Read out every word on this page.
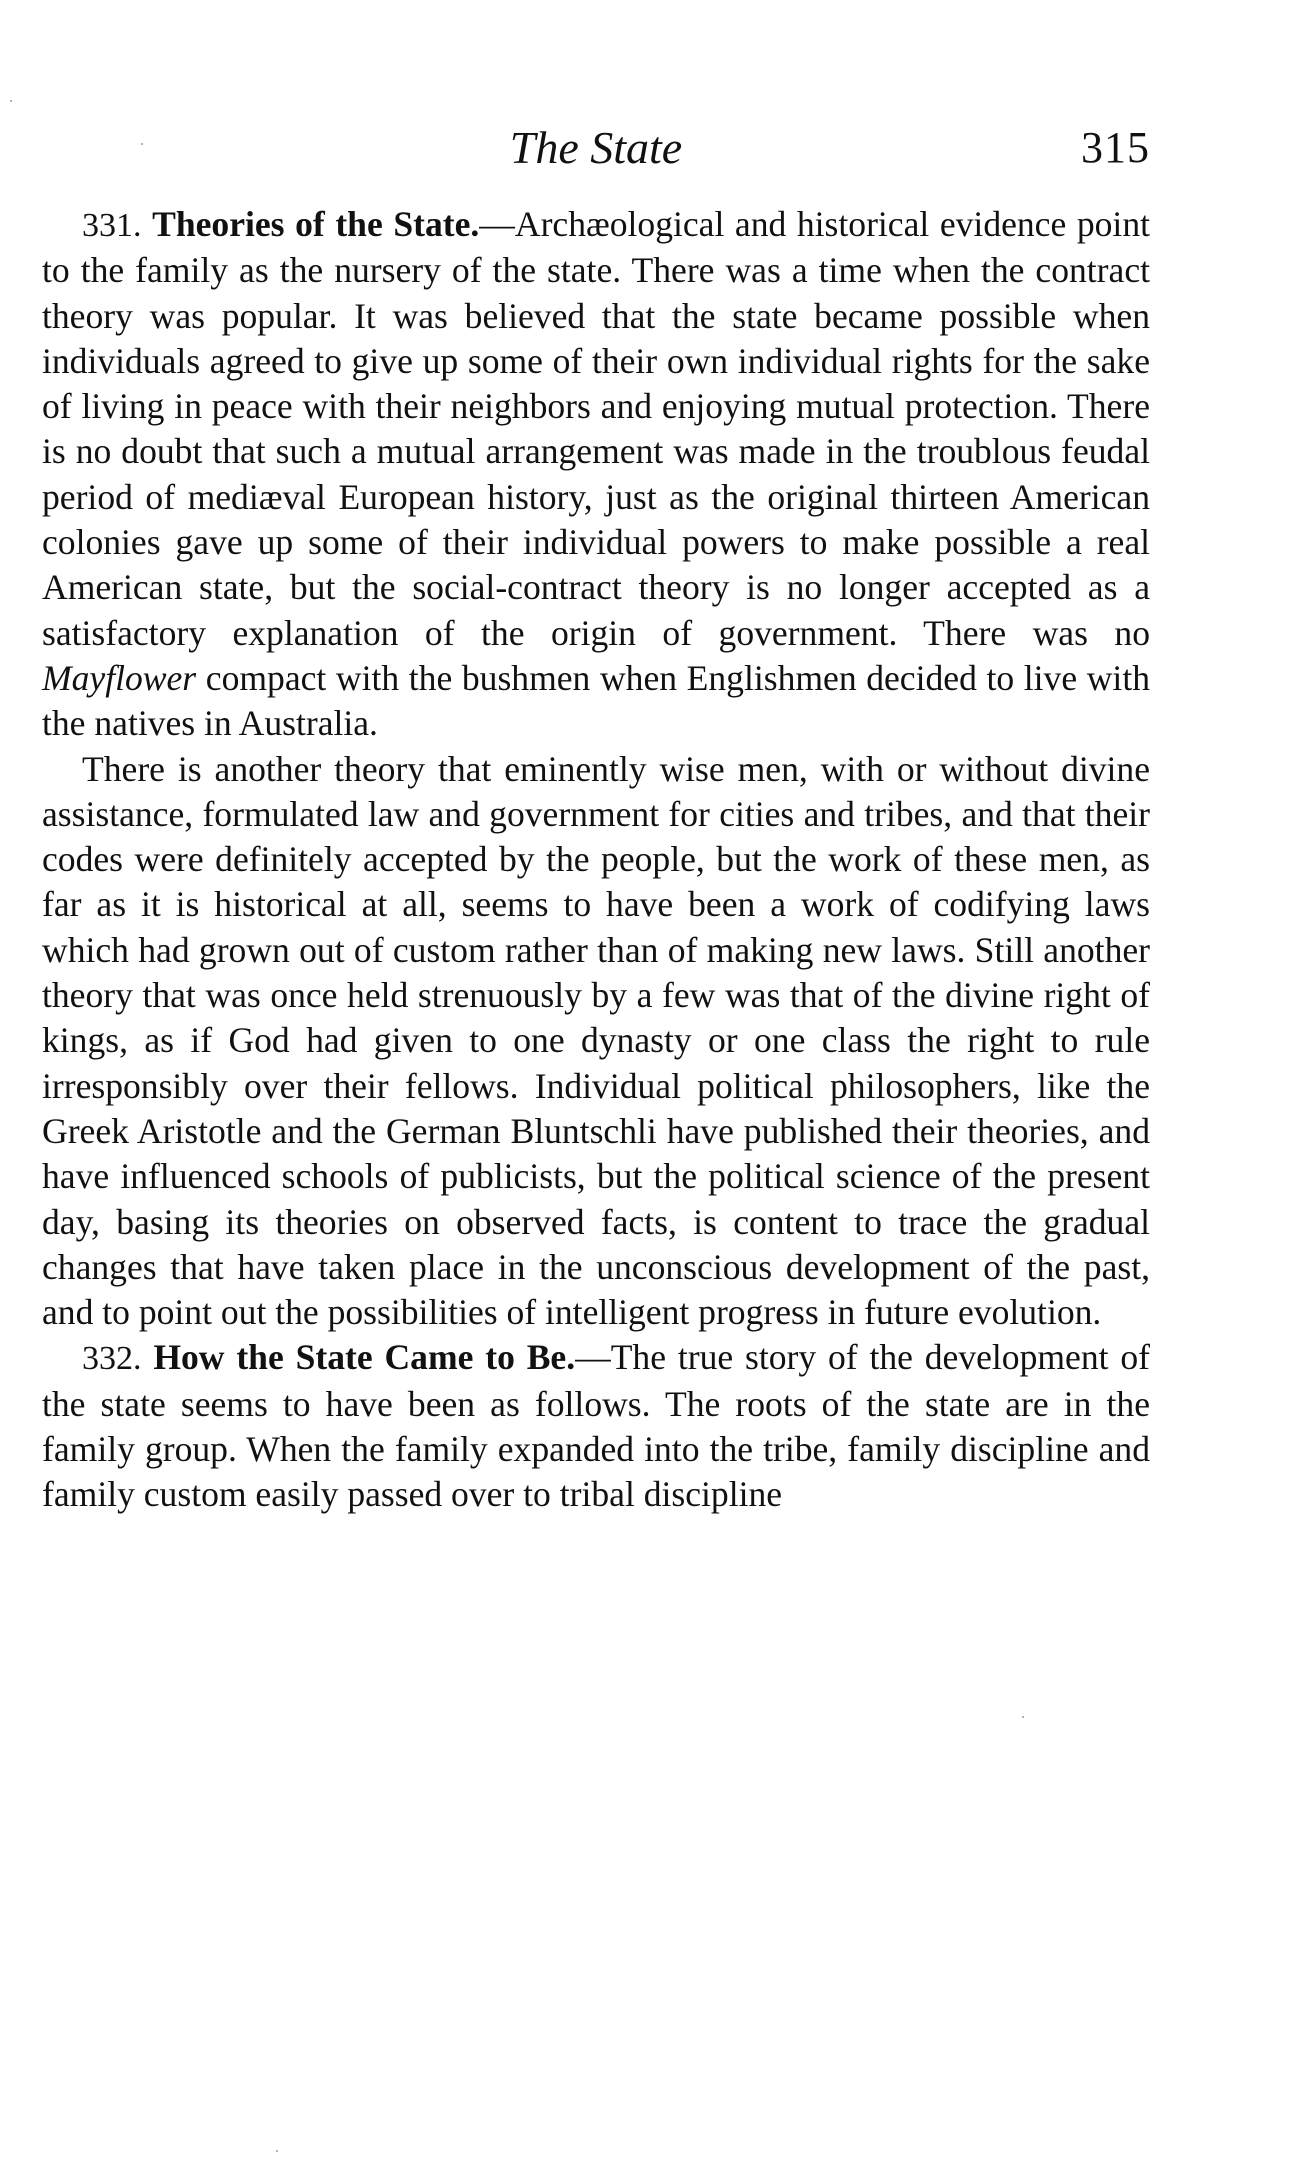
The State	315

331. Theories of the State.—Archæological and historical evidence point to the family as the nursery of the state. There was a time when the contract theory was popular. It was believed that the state became possible when individuals agreed to give up some of their own individual rights for the sake of living in peace with their neighbors and enjoying mutual protection. There is no doubt that such a mutual arrangement was made in the troublous feudal period of mediæval European history, just as the original thirteen American colonies gave up some of their individual powers to make possible a real American state, but the social-contract theory is no longer accepted as a satisfactory explanation of the origin of government. There was no Mayflower compact with the bushmen when Englishmen decided to live with the natives in Australia.

There is another theory that eminently wise men, with or without divine assistance, formulated law and government for cities and tribes, and that their codes were definitely accepted by the people, but the work of these men, as far as it is historical at all, seems to have been a work of codifying laws which had grown out of custom rather than of making new laws. Still another theory that was once held strenuously by a few was that of the divine right of kings, as if God had given to one dynasty or one class the right to rule irresponsibly over their fellows. Individual political philosophers, like the Greek Aristotle and the German Bluntschli have published their theories, and have influenced schools of publicists, but the political science of the present day, basing its theories on observed facts, is content to trace the gradual changes that have taken place in the unconscious development of the past, and to point out the possibilities of intelligent progress in future evolution.

332. How the State Came to Be.—The true story of the development of the state seems to have been as follows. The roots of the state are in the family group. When the family expanded into the tribe, family discipline and family custom easily passed over to tribal discipline
